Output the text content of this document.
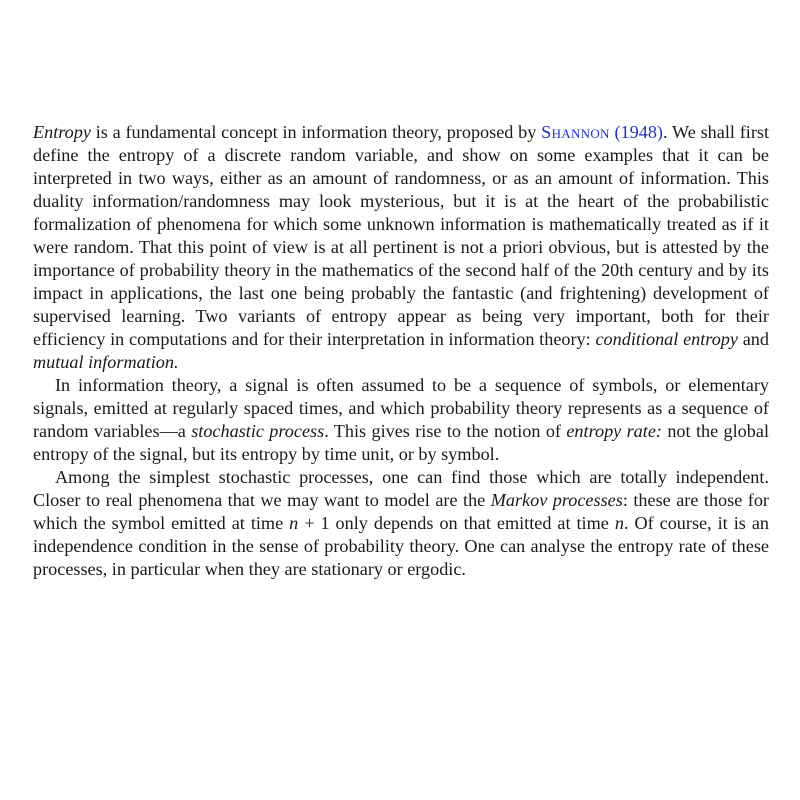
Entropy is a fundamental concept in information theory, proposed by Shannon (1948). We shall first define the entropy of a discrete random variable, and show on some examples that it can be interpreted in two ways, either as an amount of randomness, or as an amount of information. This duality information/randomness may look mysterious, but it is at the heart of the probabilistic formalization of phenomena for which some unknown information is mathematically treated as if it were random. That this point of view is at all pertinent is not a priori obvious, but is attested by the importance of probability theory in the mathematics of the second half of the 20th century and by its impact in applications, the last one being probably the fantastic (and frightening) development of supervised learning. Two variants of entropy appear as being very important, both for their efficiency in computations and for their interpretation in information theory: conditional entropy and mutual information.

In information theory, a signal is often assumed to be a sequence of symbols, or elementary signals, emitted at regularly spaced times, and which probability theory represents as a sequence of random variables—a stochastic process. This gives rise to the notion of entropy rate: not the global entropy of the signal, but its entropy by time unit, or by symbol.

Among the simplest stochastic processes, one can find those which are totally independent. Closer to real phenomena that we may want to model are the Markov processes: these are those for which the symbol emitted at time n + 1 only depends on that emitted at time n. Of course, it is an independence condition in the sense of probability theory. One can analyse the entropy rate of these processes, in particular when they are stationary or ergodic.
